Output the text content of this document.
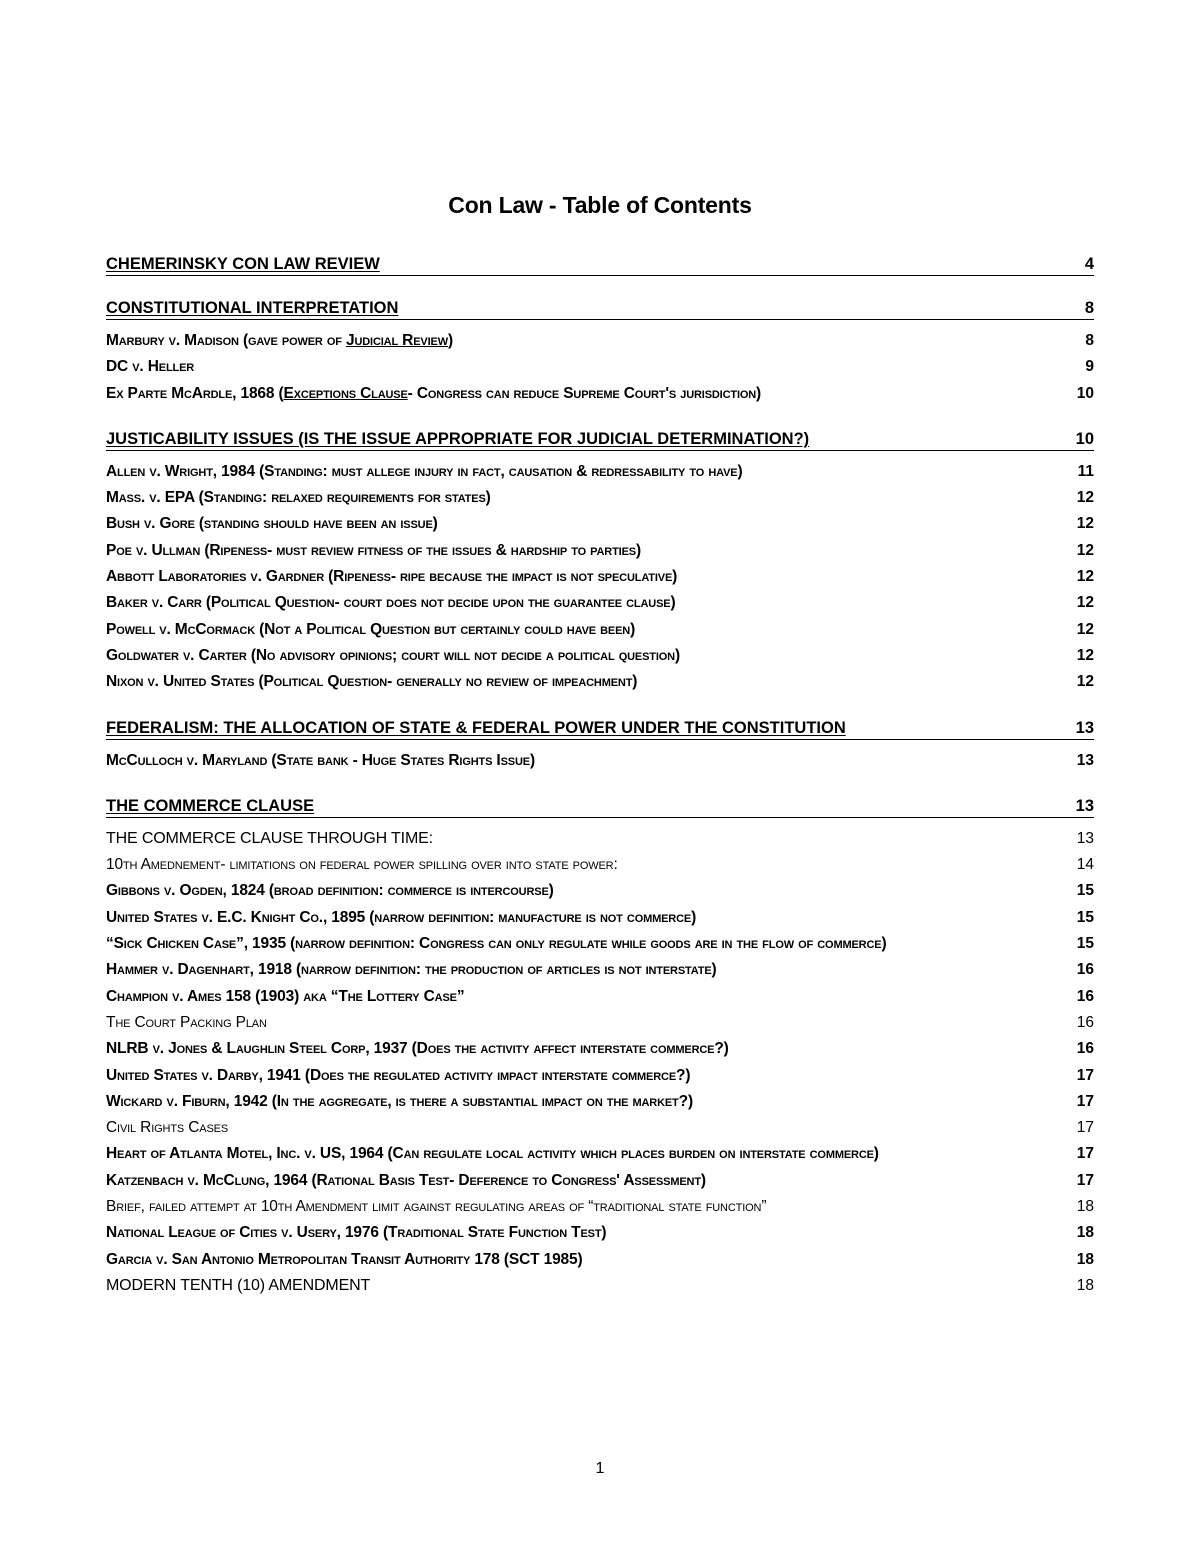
Con Law - Table of Contents
CHEMERINSKY CON LAW REVIEW	4
CONSTITUTIONAL INTERPRETATION	8
Marbury v. Madison (gave power of Judicial Review)	8
DC v. Heller	9
Ex Parte McArdle, 1868 (Exceptions Clause- Congress can reduce Supreme Court's jurisdiction)	10
JUSTICABILITY ISSUES (IS THE ISSUE APPROPRIATE FOR JUDICIAL DETERMINATION?)	10
Allen v. Wright, 1984 (Standing: must allege injury in fact, causation & redressability to have)	11
Mass. v. EPA (Standing: relaxed requirements for states)	12
Bush v. Gore (standing should have been an issue)	12
Poe v. Ullman (Ripeness- must review fitness of the issues & hardship to parties)	12
Abbott Laboratories v. Gardner (Ripeness- ripe because the impact is not speculative)	12
Baker v. Carr (Political Question- court does not decide upon the guarantee clause)	12
Powell v. McCormack (Not a Political Question but certainly could have been)	12
Goldwater v. Carter (No advisory opinions; court will not decide a political question)	12
Nixon v. United States (Political Question- generally no review of impeachment)	12
FEDERALISM: THE ALLOCATION OF STATE & FEDERAL POWER UNDER THE CONSTITUTION	13
McCulloch v. Maryland (State bank - Huge States Rights Issue)	13
THE COMMERCE CLAUSE	13
THE COMMERCE CLAUSE THROUGH TIME:	13
10th Amednement- limitations on federal power spilling over into state power:	14
Gibbons v. Ogden, 1824 (broad definition: commerce is intercourse)	15
United States v. E.C. Knight Co., 1895 (narrow definition: manufacture is not commerce)	15
“Sick Chicken Case”, 1935 (narrow definition: Congress can only regulate while goods are in the flow of commerce)	15
Hammer v. Dagenhart, 1918 (narrow definition: the production of articles is not interstate)	16
Champion v. Ames 158 (1903) aka “The Lottery Case”	16
The Court Packing Plan	16
NLRB v. Jones & Laughlin Steel Corp, 1937 (Does the activity affect interstate commerce?)	16
United States v. Darby, 1941 (Does the regulated activity impact interstate commerce?)	17
Wickard v. Fiburn, 1942 (In the aggregate, is there a substantial impact on the market?)	17
Civil Rights Cases	17
Heart of Atlanta Motel, Inc. v. US, 1964 (Can regulate local activity which places burden on interstate commerce)	17
Katzenbach v. McClung, 1964 (Rational Basis Test- Deference to Congress' Assessment)	17
Brief, failed attempt at 10th Amendment limit against regulating areas of “traditional state function”	18
National League of Cities v. Usery, 1976 (Traditional State Function Test)	18
Garcia v. San Antonio Metropolitan Transit Authority 178 (SCT 1985)	18
MODERN TENTH (10) AMENDMENT	18
1
